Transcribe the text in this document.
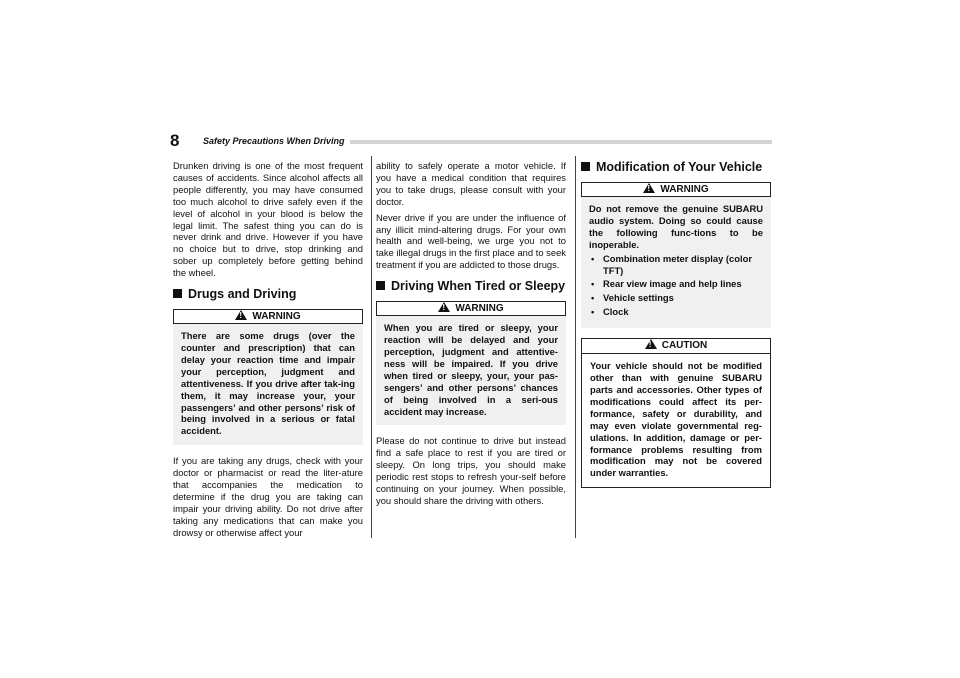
8	Safety Precautions When Driving

Drunken driving is one of the most frequent causes of accidents. Since alcohol affects all people differently, you may have consumed too much alcohol to drive safely even if the level of alcohol in your blood is below the legal limit. The safest thing you can do is never drink and drive. However if you have no choice but to drive, stop drinking and sober up completely before getting behind the wheel.

Drugs and Driving
!WARNING
There are some drugs (over the counter and prescription) that can delay your reaction time and impair your perception, judgment and attentiveness. If you drive after tak-ing them, it may increase your, your passengers’ and other persons’ risk of being involved in a serious or fatal accident.

If you are taking any drugs, check with your doctor or pharmacist or read the liter-ature that accompanies the medication to determine if the drug you are taking can impair your driving ability. Do not drive after taking any medications that can make you drowsy or otherwise affect your

ability to safely operate a motor vehicle. If you have a medical condition that requires you to take drugs, please consult with your doctor.

Never drive if you are under the influence of any illicit mind-altering drugs. For your own health and well-being, we urge you not to take illegal drugs in the first place and to seek treatment if you are addicted to those drugs.

Driving When Tired or Sleepy
!WARNING
When you are tired or sleepy, your reaction will be delayed and your perception, judgment and attentive-ness will be impaired. If you drive when tired or sleepy, your, your pas-sengers’ and other persons’ chances of being involved in a seri-ous accident may increase.

Please do not continue to drive but instead find a safe place to rest if you are tired or sleepy. On long trips, you should make periodic rest stops to refresh your-self before continuing on your journey. When possible, you should share the driving with others.

Modification of Your Vehicle
!WARNING
Do not remove the genuine SUBARU audio system. Doing so could cause the following func-tions to be inoperable.
• Combination meter display (color TFT)
• Rear view image and help lines
• Vehicle settings
• Clock
!CAUTION
Your vehicle should not be modified other than with genuine SUBARU parts and accessories. Other types of modifications could affect its per-formance, safety or durability, and may even violate governmental reg-ulations. In addition, damage or per-formance problems resulting from modification may not be covered under warranties.
